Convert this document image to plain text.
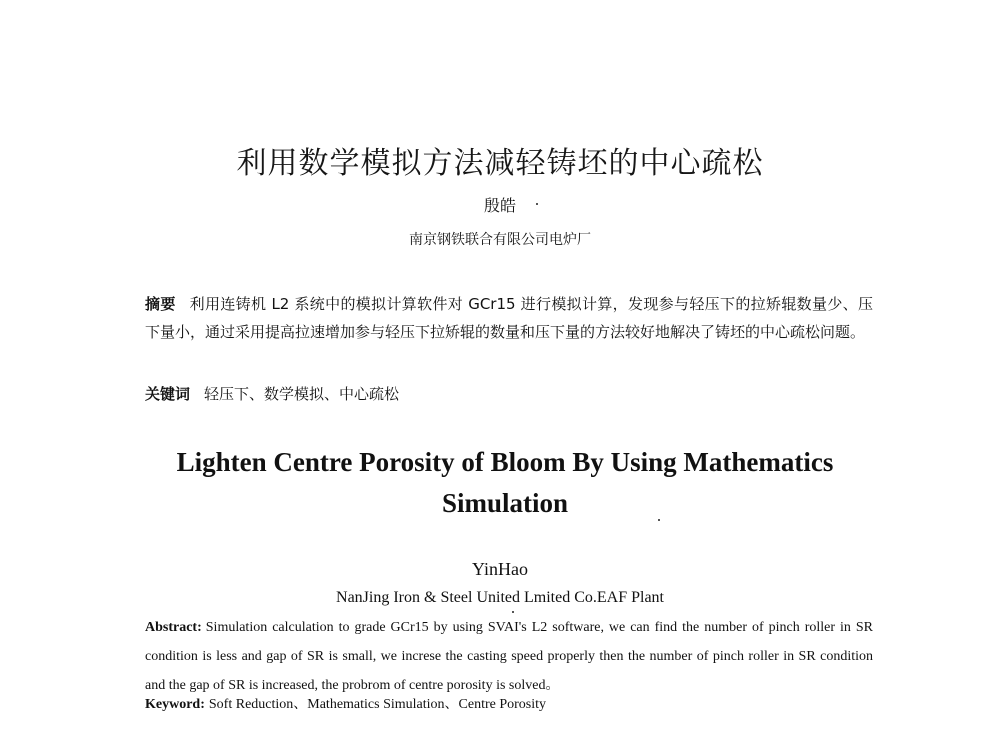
利用数学模拟方法减轻铸坯的中心疏松
殷皓
南京钢铁联合有限公司电炉厂
摘要 利用连铸机 L2 系统中的模拟计算软件对 GCr15 进行模拟计算，发现参与轻压下的拉矫辊数量少、压下量小，通过采用提高拉速增加参与轻压下拉矫辊的数量和压下量的方法较好地解决了铸坯的中心疏松问题。
关键词 轻压下、数学模拟、中心疏松
Lighten Centre Porosity of Bloom By Using Mathematics Simulation
YinHao
NanJing Iron & Steel United Lmited Co.EAF Plant
Abstract: Simulation calculation to grade GCr15 by using SVAI's L2 software, we can find the number of pinch roller in SR condition is less and gap of SR is small, we increse the casting speed properly then the number of pinch roller in SR condition and the gap of SR is increased, the probrom of centre porosity is solved。
Keyword: Soft Reduction、Mathematics Simulation、Centre Porosity
